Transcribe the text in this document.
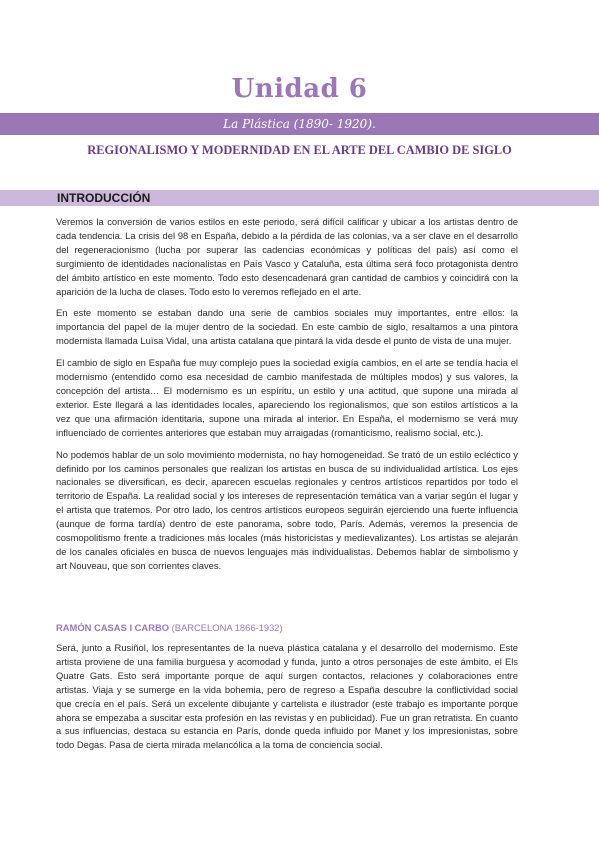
Unidad 6
La Plástica (1890- 1920).
REGIONALISMO Y MODERNIDAD EN EL ARTE DEL CAMBIO DE SIGLO
INTRODUCCIÓN

Veremos la conversión de varios estilos en este periodo, será difícil calificar y ubicar a los artistas dentro de cada tendencia. La crisis del 98 en España, debido a la pérdida de las colonias, va a ser clave en el desarrollo del regeneracionismo (lucha por superar las cadencias económicas y políticas del país) así como el surgimiento de identidades nacionalistas en País Vasco y Cataluña, esta última será foco protagonista dentro del ámbito artístico en este momento. Todo esto desencadenará gran cantidad de cambios y coincidirá con la aparición de la lucha de clases. Todo esto lo veremos reflejado en el arte.

En este momento se estaban dando una serie de cambios sociales muy importantes, entre ellos: la importancia del papel de la mujer dentro de la sociedad. En este cambio de siglo, resaltamos a una pintora modernista llamada Luïsa Vidal, una artista catalana que pintará la vida desde el punto de vista de una mujer.

El cambio de siglo en España fue muy complejo pues la sociedad exigía cambios, en el arte se tendía hacia el modernismo (entendido como esa necesidad de cambio manifestada de múltiples modos) y sus valores, la concepción del artista… El modernismo es un espíritu, un estilo y una actitud, que supone una mirada al exterior. Este llegará a las identidades locales, apareciendo los regionalismos, que son estilos artísticos a la vez que una afirmación identitaria, supone una mirada al interior. En España, el modernismo se verá muy influenciado de corrientes anteriores que estaban muy arraigadas (romanticismo, realismo social, etc.).

No podemos hablar de un solo movimiento modernista, no hay homogeneidad. Se trató de un estilo ecléctico y definido por los caminos personales que realizan los artistas en busca de su individualidad artística. Los ejes nacionales se diversifican, es decir, aparecen escuelas regionales y centros artísticos repartidos por todo el territorio de España. La realidad social y los intereses de representación temática van a variar según el lugar y el artista que tratemos. Por otro lado, los centros artísticos europeos seguirán ejerciendo una fuerte influencia (aunque de forma tardía) dentro de este panorama, sobre todo, París. Además, veremos la presencia de cosmopolitismo frente a tradiciones más locales (más historicistas y medievalizantes). Los artistas se alejarán de los canales oficiales en busca de nuevos lenguajes más individualistas. Debemos hablar de simbolismo y art Nouveau, que son corrientes claves.

RAMÓN CASAS I CARBO (BARCELONA 1866-1932)

Será, junto a Rusiñol, los representantes de la nueva plástica catalana y el desarrollo del modernismo. Este artista proviene de una familia burguesa y acomodad y funda, junto a otros personajes de este ámbito, el Els Quatre Gats. Esto será importante porque de aquí surgen contactos, relaciones y colaboraciones entre artistas. Viaja y se sumerge en la vida bohemia, pero de regreso a España descubre la conflictividad social que crecía en el país. Será un excelente dibujante y cartelista e ilustrador (este trabajo es importante porque ahora se empezaba a suscitar esta profesión en las revistas y en publicidad). Fue un gran retratista. En cuanto a sus influencias, destaca su estancia en París, donde queda influido por Manet y los impresionistas, sobre todo Degas. Pasa de cierta mirada melancólica a la toma de conciencia social.
